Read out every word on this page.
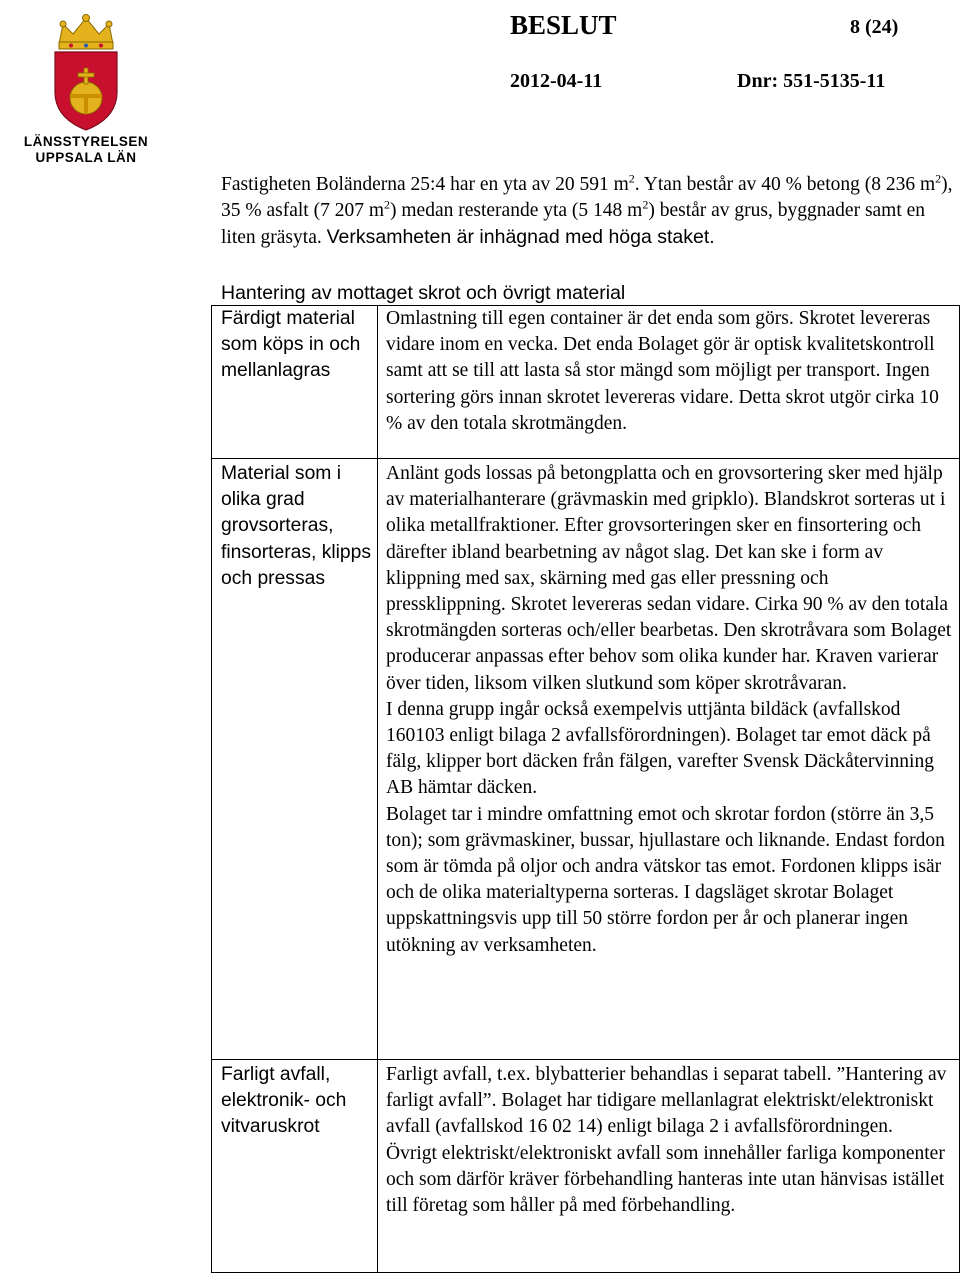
LÄNSSTYRELSEN
UPPSALA LÄN
BESLUT	8 (24)
2012-04-11	Dnr: 551-5135-11
Fastigheten Boländerna 25:4 har en yta av 20 591 $m^2$. Ytan består av 40 % betong (8 236 $m^2$), 35 % asfalt (7 207 $m^2$) medan resterande yta (5 148 $m^2$) består av grus, byggnader samt en liten gräsyta. Verksamheten är inhägnad med höga staket.
Hantering av mottaget skrot och övrigt material
Färdigt material som köps in och mellanlagras	Omlastning till egen container är det enda som görs. Skrotet levereras vidare inom en vecka. Det enda Bolaget gör är optisk kvalitetskontroll samt att se till att lasta så stor mängd som möjligt per transport. Ingen sortering görs innan skrotet levereras vidare. Detta skrot utgör cirka 10 % av den totala skrotmängden.

Material som i olika grad grovsorteras, finsorteras, klipps och pressas	Anlänt gods lossas på betongplatta och en grovsortering sker med hjälp av materialhanterare (grävmaskin med gripklo). Blandskrot sorteras ut i olika metallfraktioner. Efter grovsorteringen sker en finsortering och därefter ibland bearbetning av något slag. Det kan ske i form av klippning med sax, skärning med gas eller pressning och pressklippning. Skrotet levereras sedan vidare. Cirka 90 % av den totala skrotmängden sorteras och/eller bearbetas. Den skrotråvara som Bolaget producerar anpassas efter behov som olika kunder har. Kraven varierar över tiden, liksom vilken slutkund som köper skrotråvaran.

I denna grupp ingår också exempelvis uttjänta bildäck (avfallskod 160103 enligt bilaga 2 avfallsförordningen). Bolaget tar emot däck på fälg, klipper bort däcken från fälgen, varefter Svensk Däckåtervinning AB hämtar däcken.

Bolaget tar i mindre omfattning emot och skrotar fordon (större än 3,5 ton); som grävmaskiner, bussar, hjullastare och liknande. Endast fordon som är tömda på oljor och andra vätskor tas emot. Fordonen klipps isär och de olika materialtyperna sorteras. I dagsläget skrotar Bolaget uppskattningsvis upp till 50 större fordon per år och planerar ingen utökning av verksamheten.

Farligt avfall, elektronik- och vitvaruskrot	Farligt avfall, t.ex. blybatterier behandlas i separat tabell. ”Hantering av farligt avfall”. Bolaget har tidigare mellanlagrat elektriskt/elektroniskt avfall (avfallskod 16 02 14) enligt bilaga 2 i avfallsförordningen.

Övrigt elektriskt/elektroniskt avfall som innehåller farliga komponenter och som därför kräver förbehandling hanteras inte utan hänvisas istället till företag som håller på med förbehandling.
